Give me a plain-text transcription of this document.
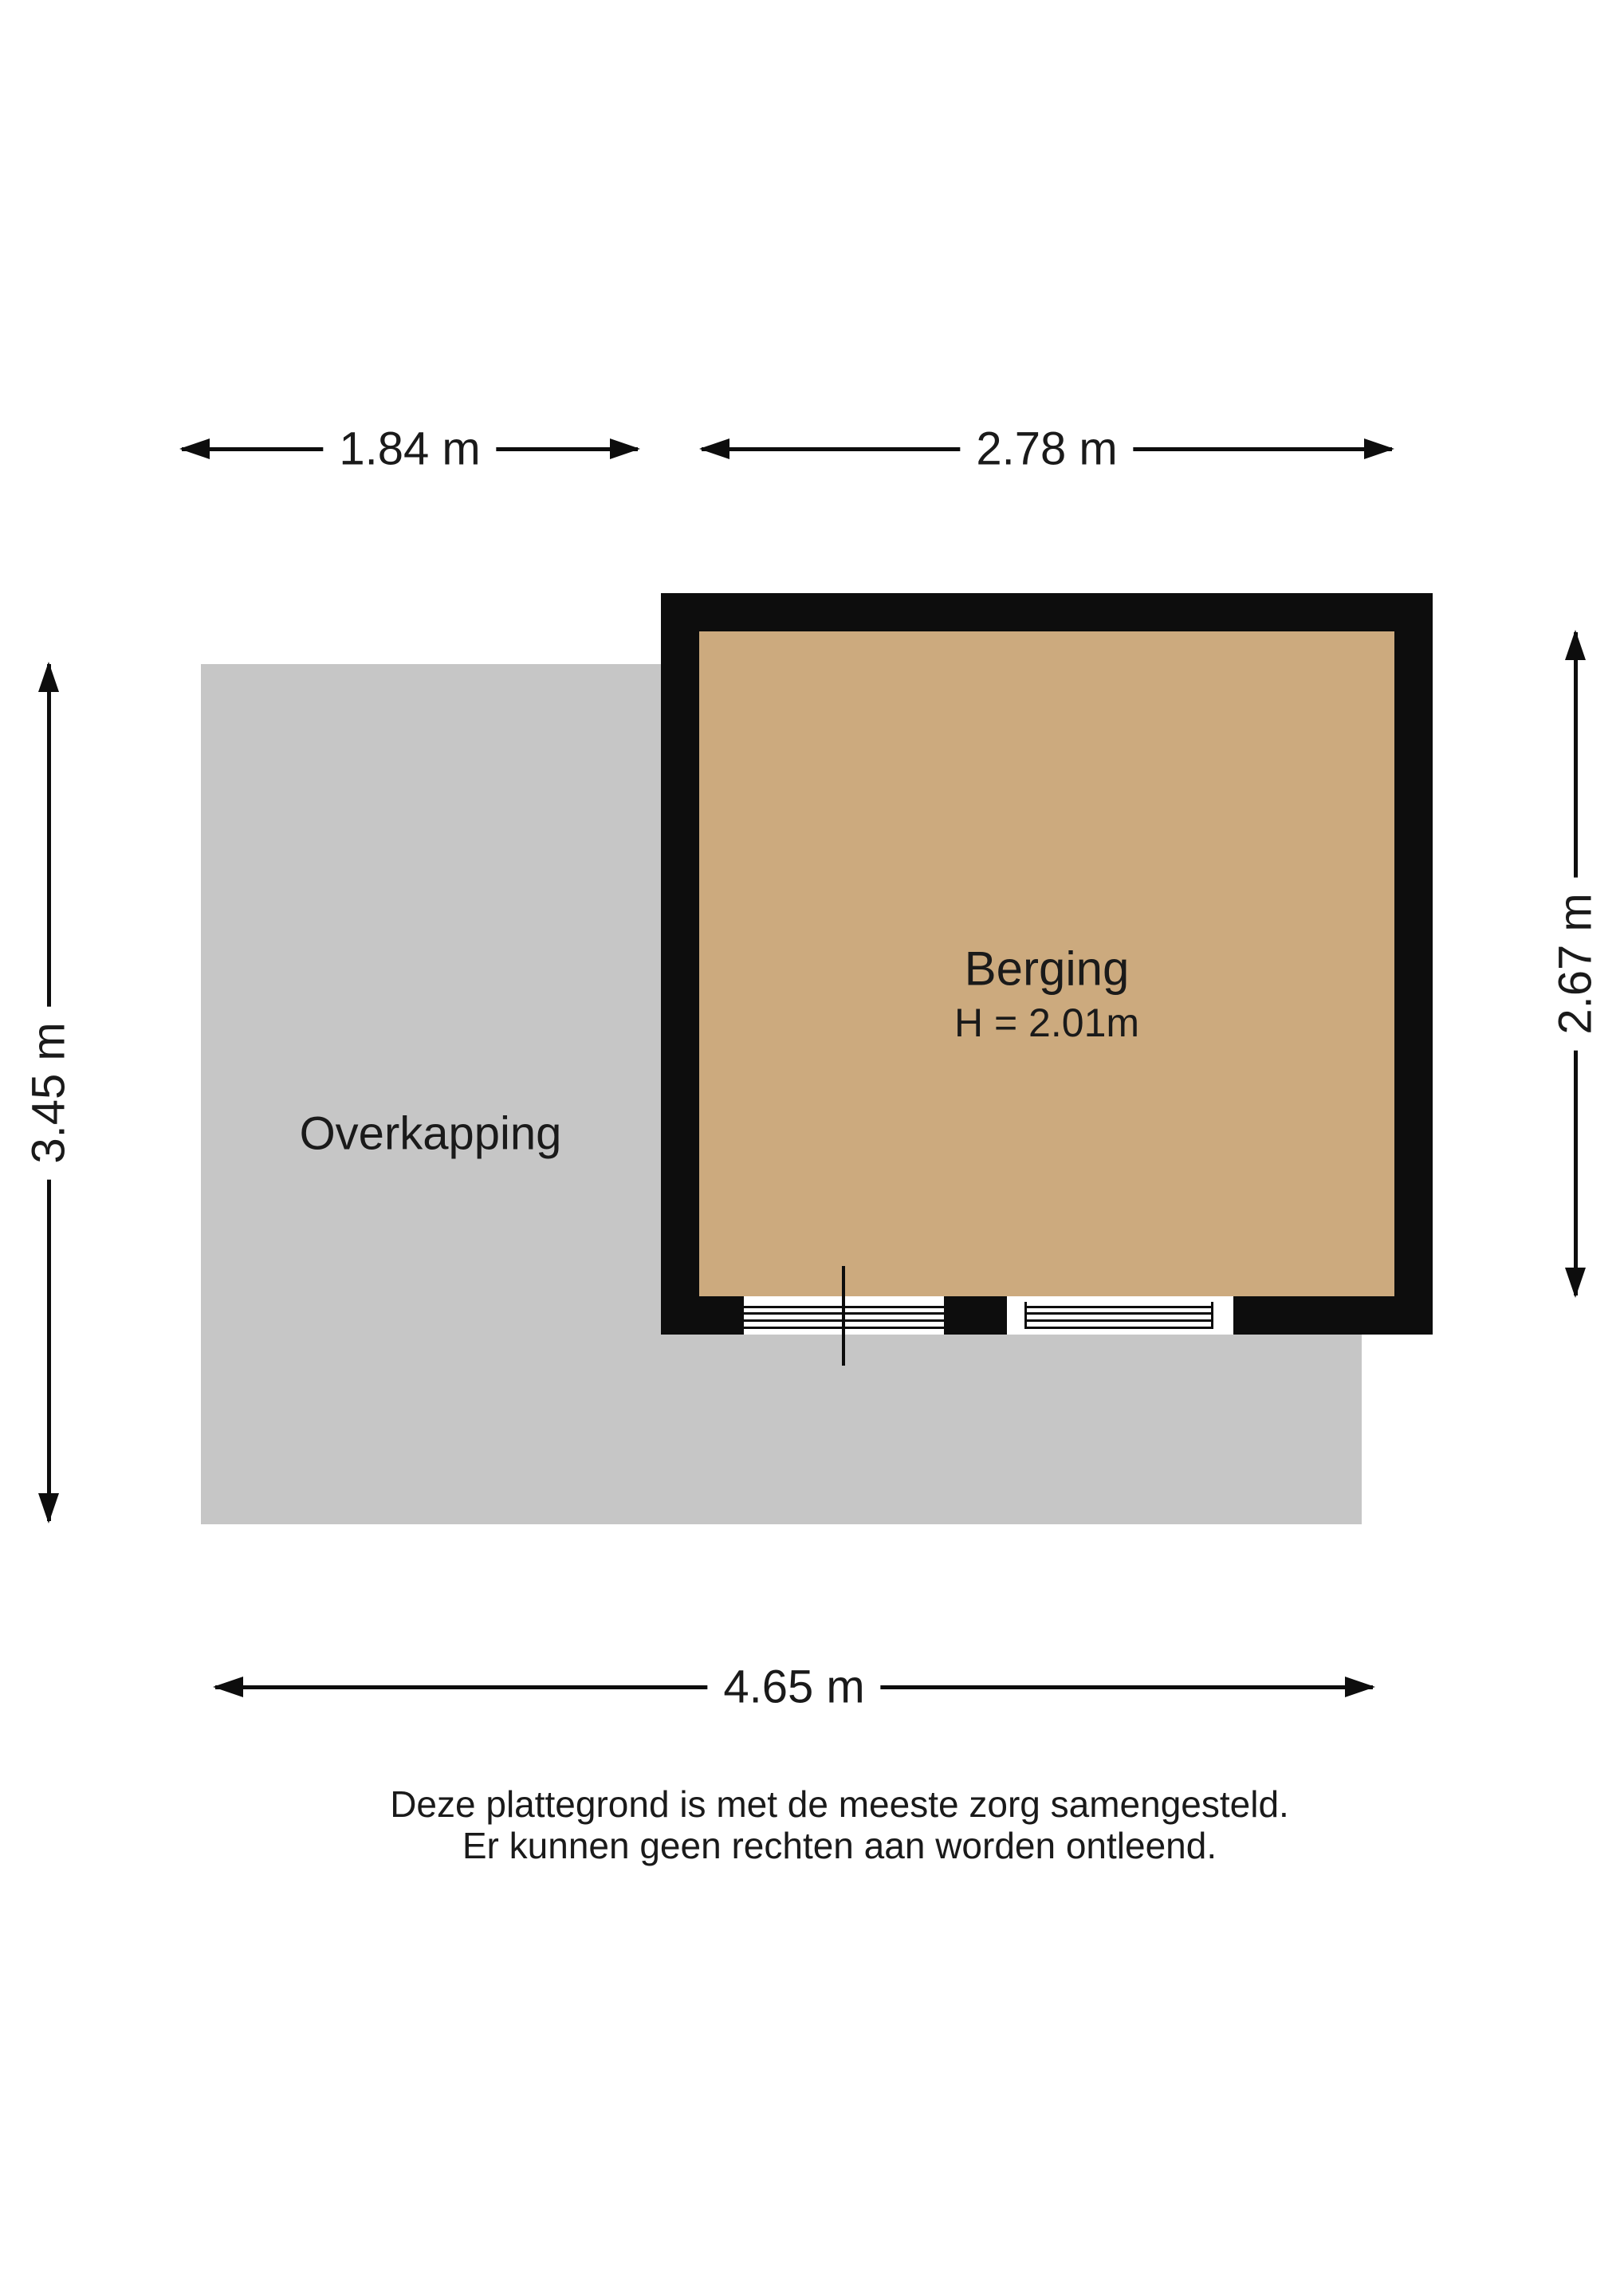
Overkapping
Berging
H = 2.01m
1.84 m	2.78 m
3.45 m
2.67 m
4.65 m
Deze plattegrond is met de meeste zorg samengesteld.
Er kunnen geen rechten aan worden ontleend.
